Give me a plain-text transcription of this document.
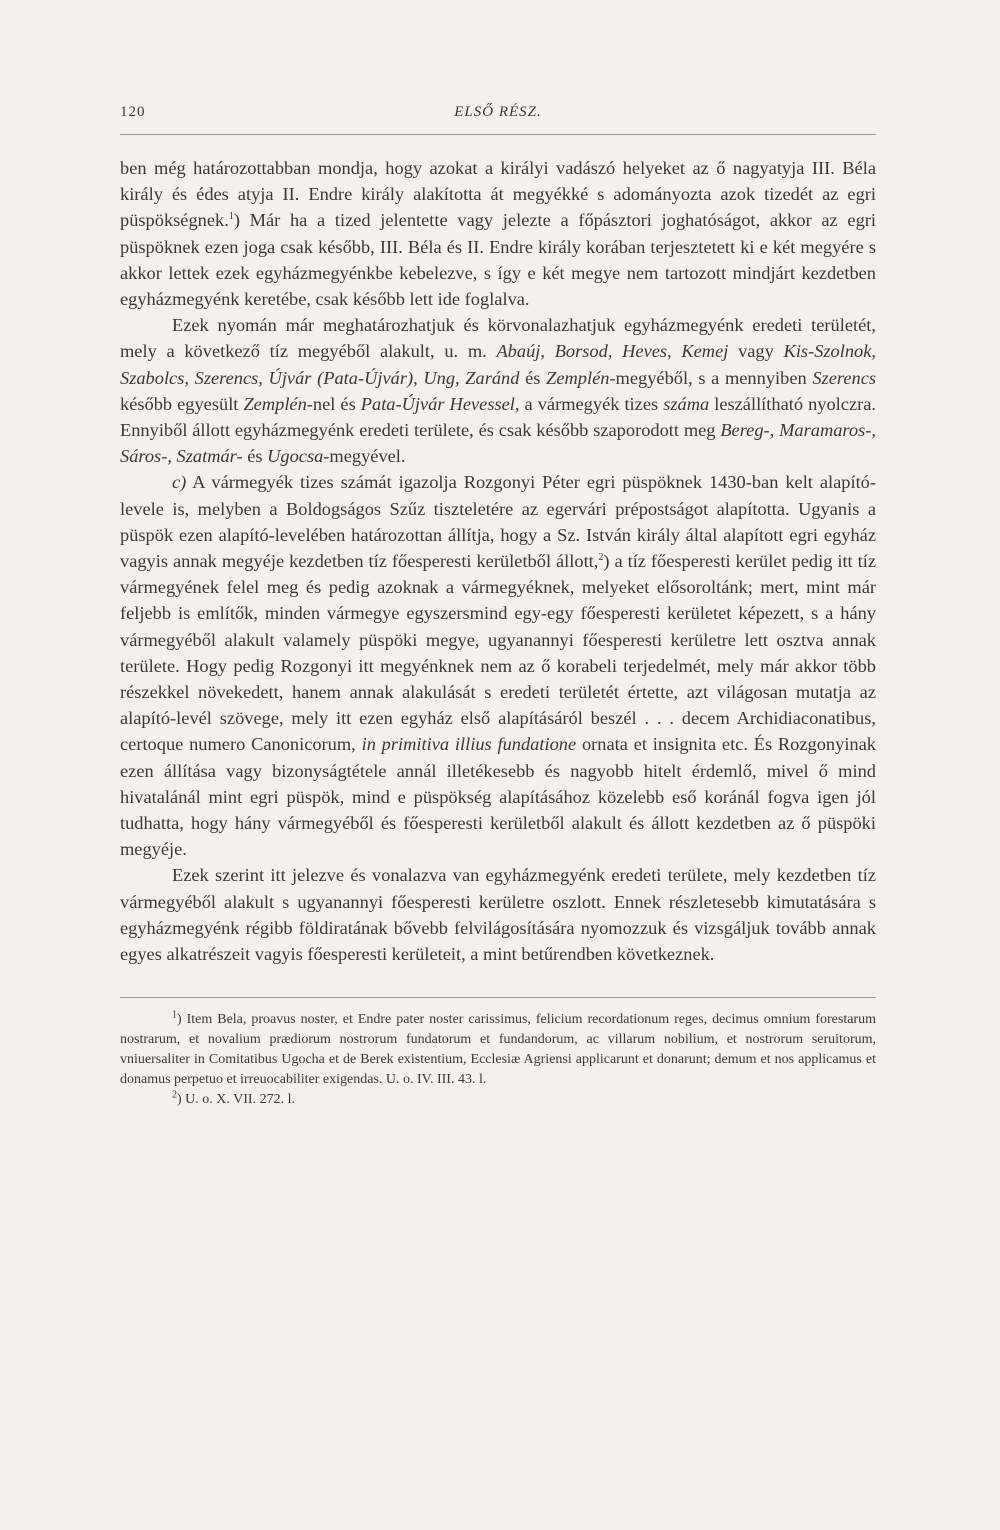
120	ELSŐ RÉSZ.

ben még határozottabban mondja, hogy azokat a királyi vadászó helyeket az ő nagyatyja III. Béla király és édes atyja II. Endre király alakította át megyékké s adományozta azok tizedét az egri püspökségnek.$^1$) Már ha a tized jelentette vagy jelezte a főpásztori joghatóságot, akkor az egri püspöknek ezen joga csak később, III. Béla és II. Endre király korában terjesztetett ki e két megyére s akkor lettek ezek egyházmegyénkbe kebelezve, s így e két megye nem tartozott mindjárt kezdetben egyházmegyénk keretébe, csak később lett ide foglalva.

Ezek nyomán már meghatározhatjuk és körvonalazhatjuk egyházmegyénk eredeti területét, mely a következő tíz megyéből alakult, u. m. Abaúj, Borsod, Heves, Kemej vagy Kis-Szolnok, Szabolcs, Szerencs, Újvár (Pata-Újvár), Ung, Zaránd és Zemplén-megyéből, s a mennyiben Szerencs később egyesült Zemplén-nel és Pata-Újvár Hevessel, a vármegyék tizes száma leszállítható nyolczra. Ennyiből állott egyházmegyénk eredeti területe, és csak később szaporodott meg Bereg-, Maramaros-, Sáros-, Szatmár- és Ugocsa-megyével.

c) A vármegyék tizes számát igazolja Rozgonyi Péter egri püspöknek 1430-ban kelt alapító-levele is, melyben a Boldogságos Szűz tiszteletére az egervári prépostságot alapította. Ugyanis a püspök ezen alapító-levelében határozottan állítja, hogy a Sz. István király által alapított egri egyház vagyis annak megyéje kezdetben tíz főesperesti kerületből állott,$^2$) a tíz főesperesti kerület pedig itt tíz vármegyének felel meg és pedig azoknak a vármegyéknek, melyeket elősoroltánk; mert, mint már feljebb is említők, minden vármegye egyszersmind egy-egy főesperesti kerületet képezett, s a hány vármegyéből alakult valamely püspöki megye, ugyanannyi főesperesti kerületre lett osztva annak területe. Hogy pedig Rozgonyi itt megyénknek nem az ő korabeli terjedelmét, mely már akkor több részekkel növekedett, hanem annak alakulását s eredeti területét értette, azt világosan mutatja az alapító-levél szövege, mely itt ezen egyház első alapításáról beszél . . . decem Archidiaconatibus, certoque numero Canonicorum, in primitiva illius fundatione ornata et insignita etc. És Rozgonyinak ezen állítása vagy bizonyságtétele annál illetékesebb és nagyobb hitelt érdemlő, mivel ő mind hivatalánál mint egri püspök, mind e püspökség alapításához közelebb eső koránál fogva igen jól tudhatta, hogy hány vármegyéből és főesperesti kerületből alakult és állott kezdetben az ő püspöki megyéje.

Ezek szerint itt jelezve és vonalazva van egyházmegyénk eredeti területe, mely kezdetben tíz vármegyéből alakult s ugyanannyi főesperesti kerületre oszlott. Ennek részletesebb kimutatására s egyházmegyénk régibb földiratának bővebb felvilágosítására nyomozzuk és vizsgáljuk tovább annak egyes alkatrészeit vagyis főesperesti kerületeit, a mint betűrendben következnek.

$^1$) Item Bela, proavus noster, et Endre pater noster carissimus, felicium recordationum reges, decimus omnium forestarum nostrarum, et novalium prædiorum nostrorum fundatorum et fundandorum, ac villarum nobilium, et nostrorum seruitorum, vniuersaliter in Comitatibus Ugocha et de Berek existentium, Ecclesiæ Agriensi applicarunt et donarunt; demum et nos applicamus et donamus perpetuo et irreuocabiliter exigendas. U. o. IV. III. 43. l.

$^2$) U. o. X. VII. 272. l.
